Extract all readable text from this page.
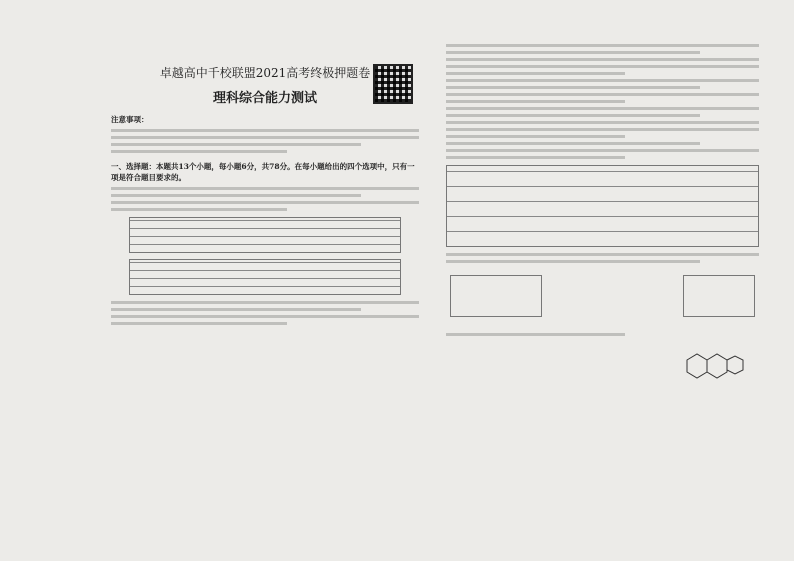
卓越高中千校联盟2021高考终极押题卷
理科综合能力测试
注意事项：
一、选择题：本题共13个小题，每小题6分，共78分。在每小题给出的四个选项中，只有一项是符合题目要求的。
